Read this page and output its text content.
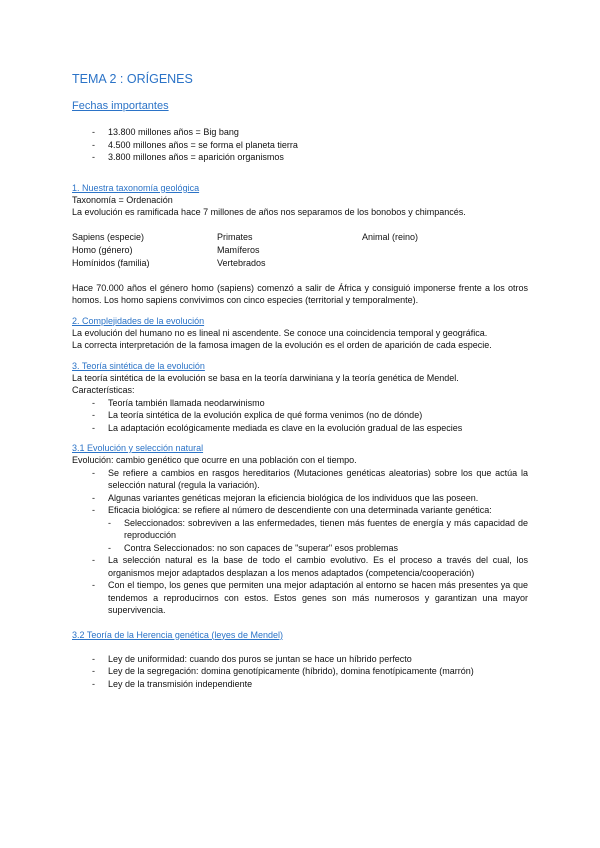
TEMA 2 : ORÍGENES
Fechas importantes
- 13.800 millones años = Big bang
- 4.500 millones años = se forma el planeta tierra
- 3.800 millones años = aparición organismos
1. Nuestra taxonomía geológica

Taxonomía = Ordenación

La evolución es ramificada hace 7 millones de años nos separamos de los bonobos y chimpancés.

Sapiens (especie)	Primates	Animal (reino)
Homo (género)	Mamíferos
Homínidos (familia)	Vertebrados

Hace 70.000 años el género homo (sapiens) comenzó a salir de África y consiguió imponerse frente a los otros homos. Los homo sapiens convivimos con cinco especies (territorial y temporalmente).

2. Complejidades de la evolución

La evolución del humano no es lineal ni ascendente. Se conoce una coincidencia temporal y geográfica.

La correcta interpretación de la famosa imagen de la evolución es el orden de aparición de cada especie.

3. Teoría sintética de la evolución

La teoría sintética de la evolución se basa en la teoría darwiniana y la teoría genética de Mendel.

Características:

- Teoría también llamada neodarwinismo
- La teoría sintética de la evolución explica de qué forma venimos (no de dónde)
- La adaptación ecológicamente mediada es clave en la evolución gradual de las especies
3.1 Evolución y selección natural

Evolución: cambio genético que ocurre en una población con el tiempo.

- Se refiere a cambios en rasgos hereditarios (Mutaciones genéticas aleatorias) sobre los que actúa la selección natural (regula la variación).
- Algunas variantes genéticas mejoran la eficiencia biológica de los individuos que las poseen.
- Eficacia biológica: se refiere al número de descendiente con una determinada variante genética:
- Seleccionados: sobreviven a las enfermedades, tienen más fuentes de energía y más capacidad de reproducción
- Contra Seleccionados: no son capaces de "superar" esos problemas
- La selección natural es la base de todo el cambio evolutivo. Es el proceso a través del cual, los organismos mejor adaptados desplazan a los menos adaptados (competencia/cooperación)
- Con el tiempo, los genes que permiten una mejor adaptación al entorno se hacen más presentes ya que tendemos a reproducirnos con estos. Estos genes son más numerosos y garantizan una mayor supervivencia.
3.2 Teoría de la Herencia genética (leyes de Mendel)
- Ley de uniformidad: cuando dos puros se juntan se hace un híbrido perfecto
- Ley de la segregación: domina genotípicamente (híbrido), domina fenotípicamente (marrón)
- Ley de la transmisión independiente
